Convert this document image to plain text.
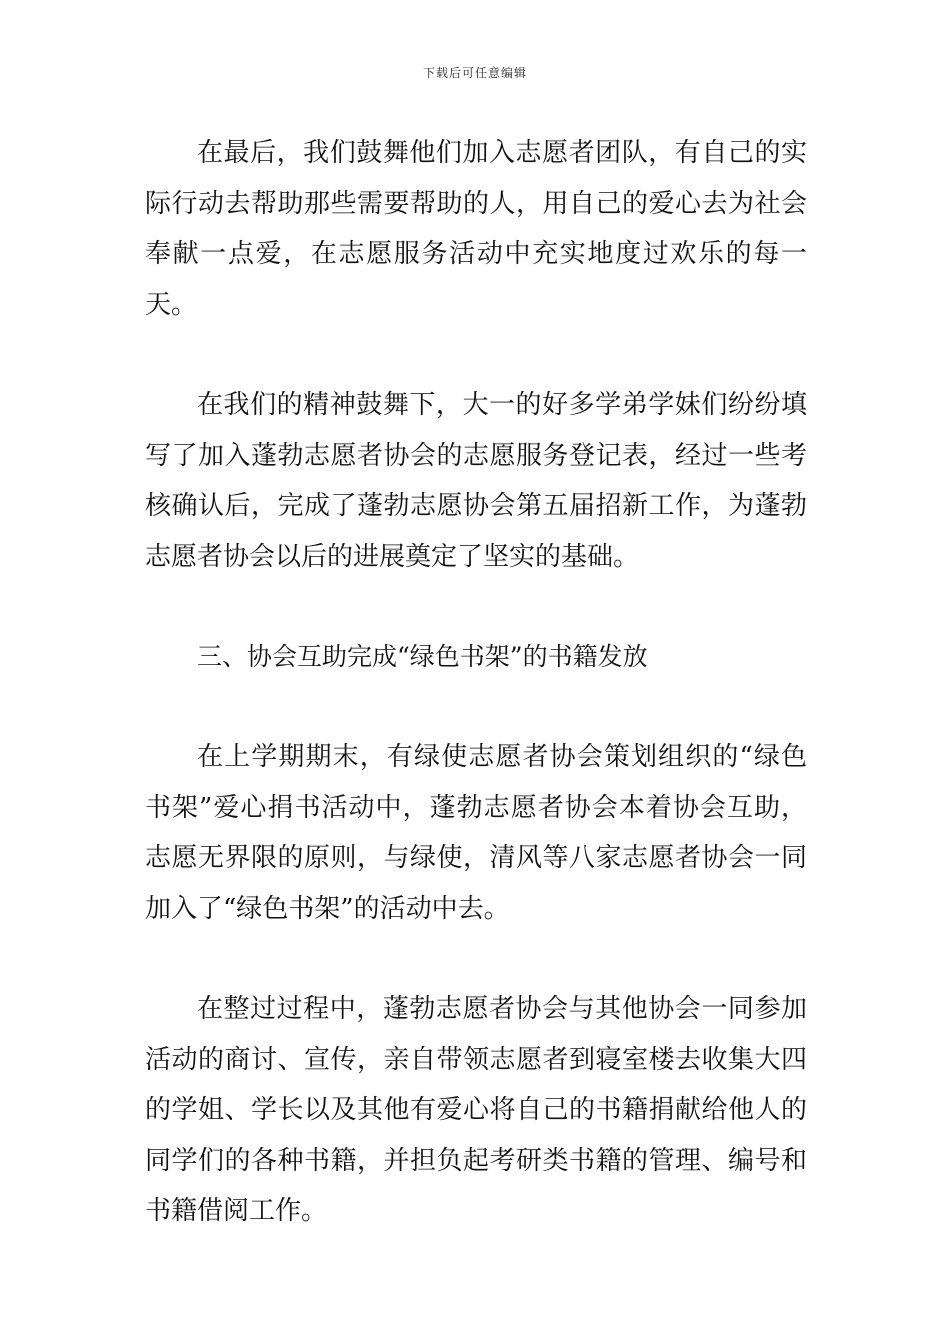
下载后可任意编辑

在最后，我们鼓舞他们加入志愿者团队，有自己的实际行动去帮助那些需要帮助的人，用自己的爱心去为社会奉献一点爱，在志愿服务活动中充实地度过欢乐的每一天。

在我们的精神鼓舞下，大一的好多学弟学妹们纷纷填写了加入蓬勃志愿者协会的志愿服务登记表，经过一些考核确认后，完成了蓬勃志愿协会第五届招新工作，为蓬勃志愿者协会以后的进展奠定了坚实的基础。

三、协会互助完成“绿色书架”的书籍发放

在上学期期末，有绿使志愿者协会策划组织的“绿色书架”爱心捐书活动中，蓬勃志愿者协会本着协会互助，志愿无界限的原则，与绿使，清风等八家志愿者协会一同加入了“绿色书架”的活动中去。

在整过过程中，蓬勃志愿者协会与其他协会一同参加活动的商讨、宣传，亲自带领志愿者到寝室楼去收集大四的学姐、学长以及其他有爱心将自己的书籍捐献给他人的同学们的各种书籍，并担负起考研类书籍的管理、编号和书籍借阅工作。
